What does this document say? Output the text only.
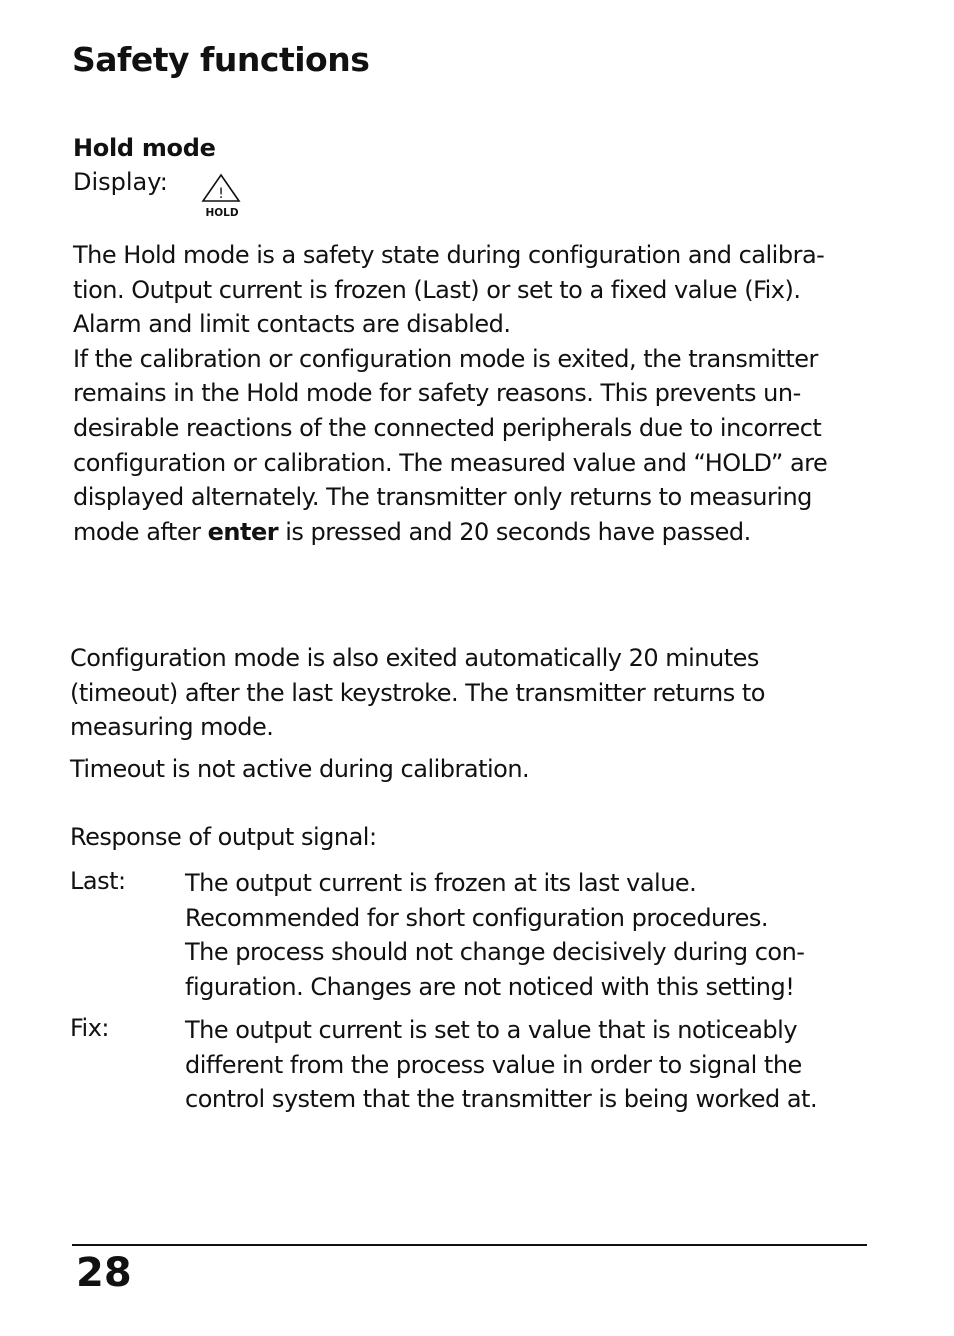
Safety functions
Hold mode
Display:	!
HOLD

The Hold mode is a safety state during configuration and calibra-

tion. Output current is frozen (Last) or set to a fixed value (Fix).

Alarm and limit contacts are disabled.

If the calibration or configuration mode is exited, the transmitter

remains in the Hold mode for safety reasons. This prevents un-

desirable reactions of the connected peripherals due to incorrect

configuration or calibration. The measured value and “HOLD” are

displayed alternately. The transmitter only returns to measuring

mode after enter is pressed and 20 seconds have passed.

Configuration mode is also exited automatically 20 minutes

(timeout) after the last keystroke. The transmitter returns to

measuring mode.

Timeout is not active during calibration.

Response of output signal:

Last: The output current is frozen at its last value.

Recommended for short configuration procedures.

The process should not change decisively during con-

figuration. Changes are not noticed with this setting!

Fix:	The output current is set to a value that is noticeably

different from the process value in order to signal the

control system that the transmitter is being worked at.

28
